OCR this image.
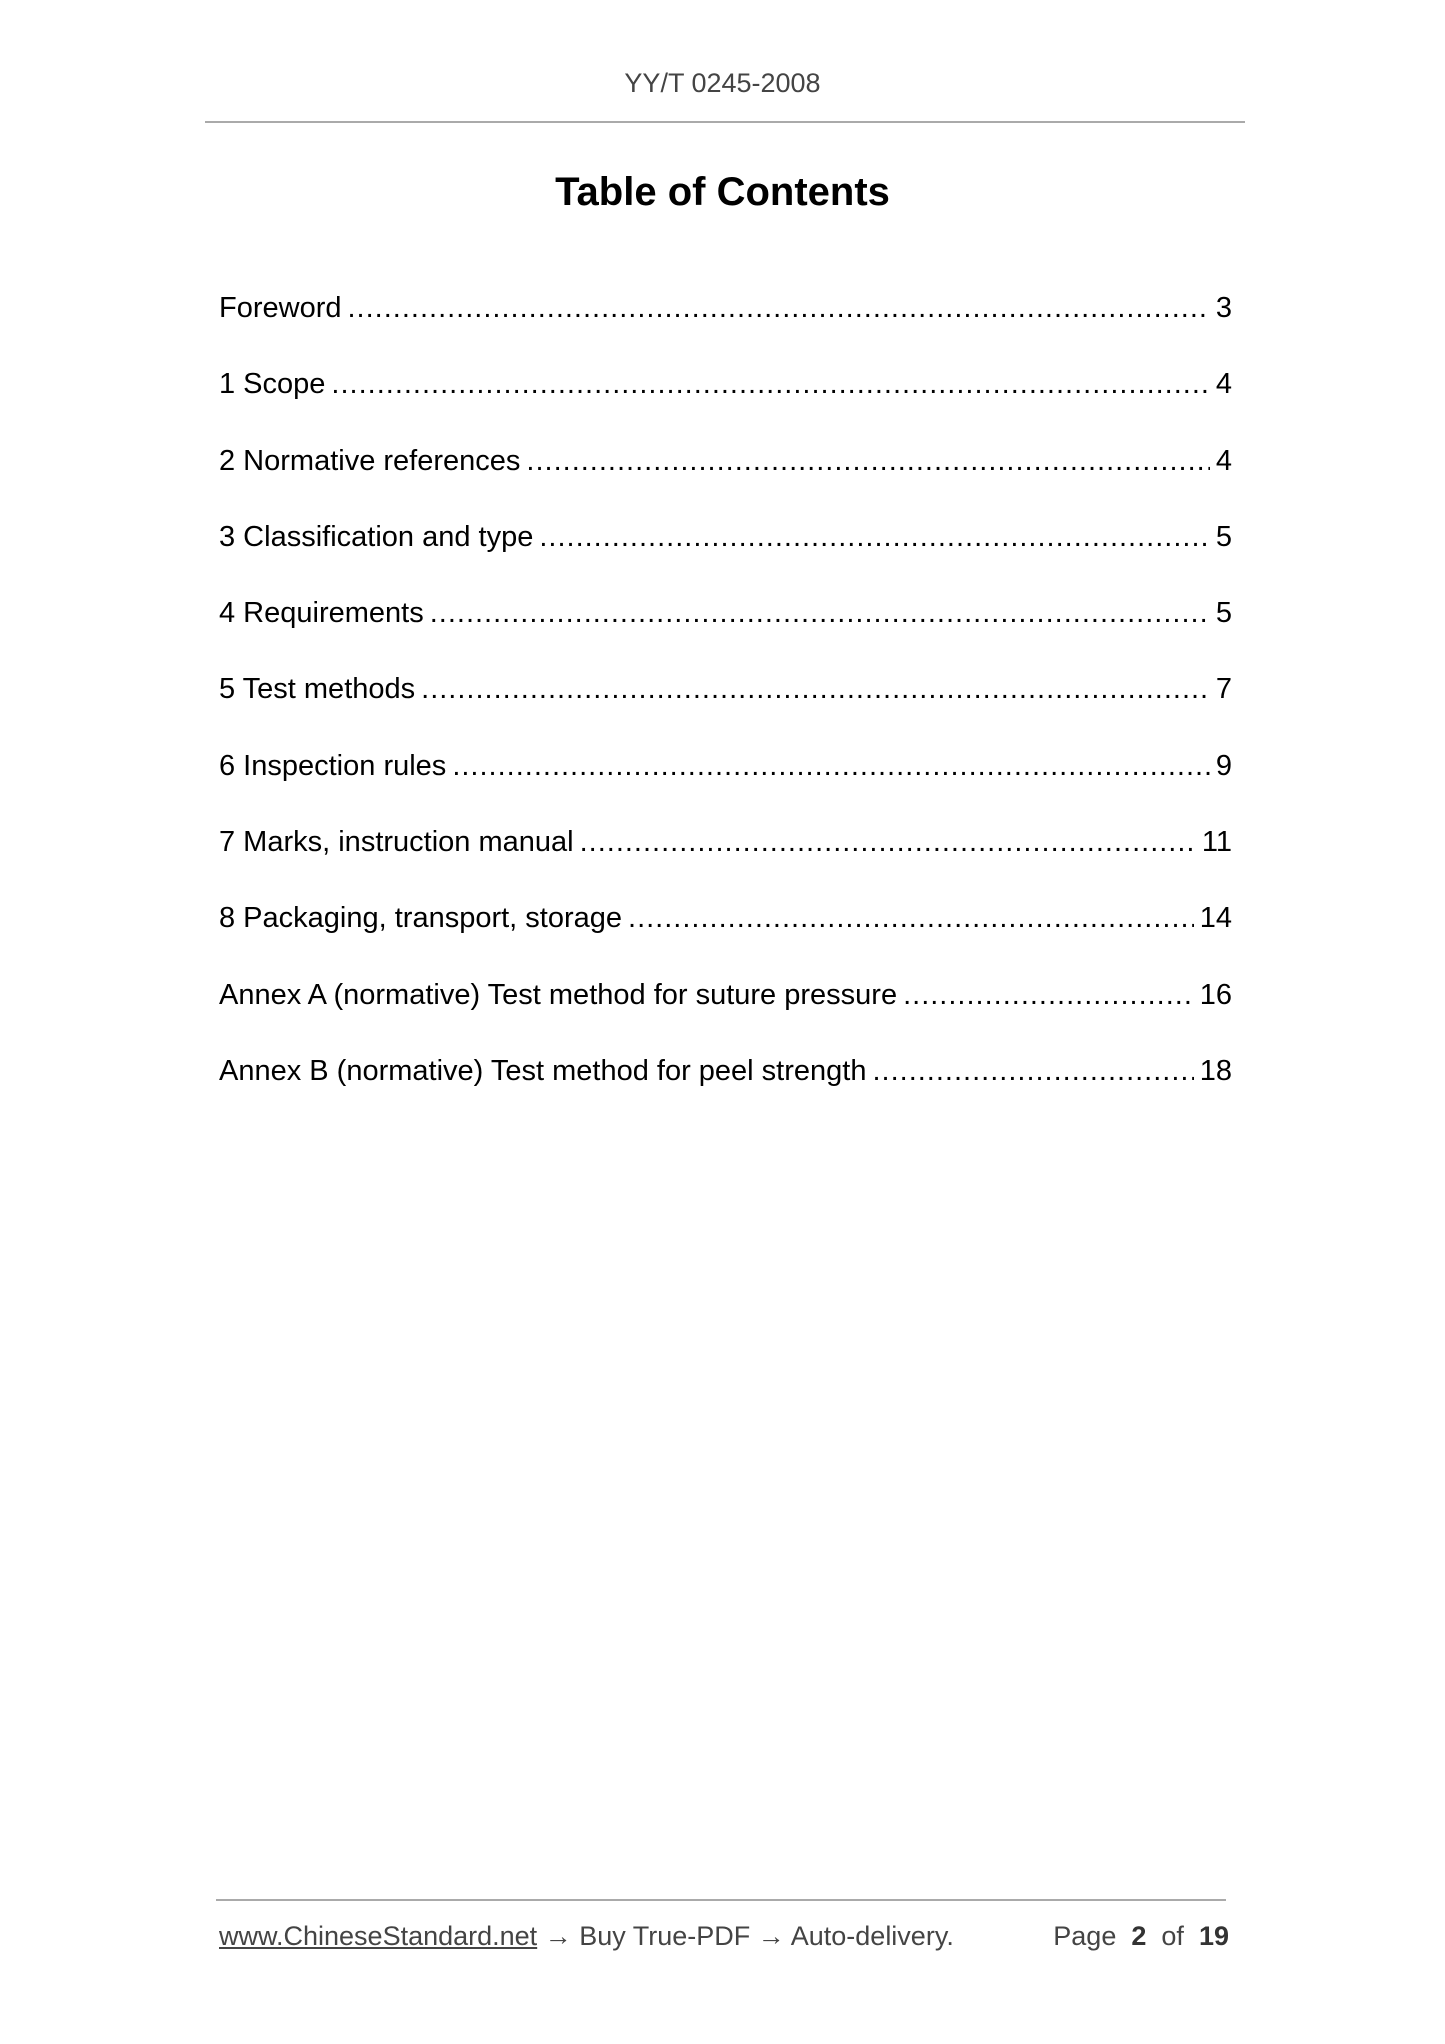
YY/T 0245-2008
Table of Contents
Foreword .....	3
1 Scope .....	4
2 Normative references .....	4
3 Classification and type .....	5
4 Requirements .....	5
5 Test methods .....	7
6 Inspection rules .....	9
7 Marks, instruction manual .....	11
8 Packaging, transport, storage .....	14
Annex A (normative) Test method for suture pressure .....	16
Annex B (normative) Test method for peel strength .....	18
www.ChineseStandard.net → Buy True-PDF → Auto-delivery.	Page 2 of 19
